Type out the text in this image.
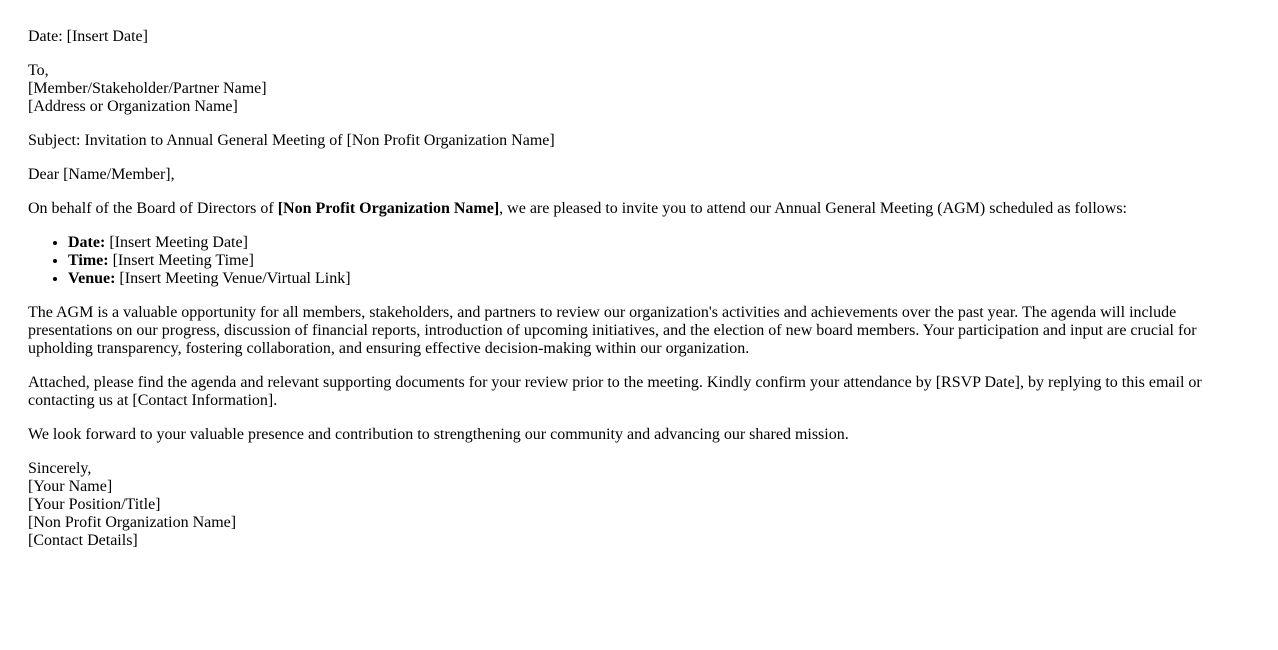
Date: [Insert Date]

To,
[Member/Stakeholder/Partner Name]
[Address or Organization Name]

Subject: Invitation to Annual General Meeting of [Non Profit Organization Name]

Dear [Name/Member],

On behalf of the Board of Directors of [Non Profit Organization Name], we are pleased to invite you to attend our Annual General Meeting (AGM) scheduled as follows:

• Date: [Insert Meeting Date]
• Time: [Insert Meeting Time]
• Venue: [Insert Meeting Venue/Virtual Link]

The AGM is a valuable opportunity for all members, stakeholders, and partners to review our organization's activities and achievements over the past year. The agenda will include presentations on our progress, discussion of financial reports, introduction of upcoming initiatives, and the election of new board members. Your participation and input are crucial for upholding transparency, fostering collaboration, and ensuring effective decision-making within our organization.

Attached, please find the agenda and relevant supporting documents for your review prior to the meeting. Kindly confirm your attendance by [RSVP Date], by replying to this email or contacting us at [Contact Information].

We look forward to your valuable presence and contribution to strengthening our community and advancing our shared mission.

Sincerely,
[Your Name]
[Your Position/Title]
[Non Profit Organization Name]
[Contact Details]
